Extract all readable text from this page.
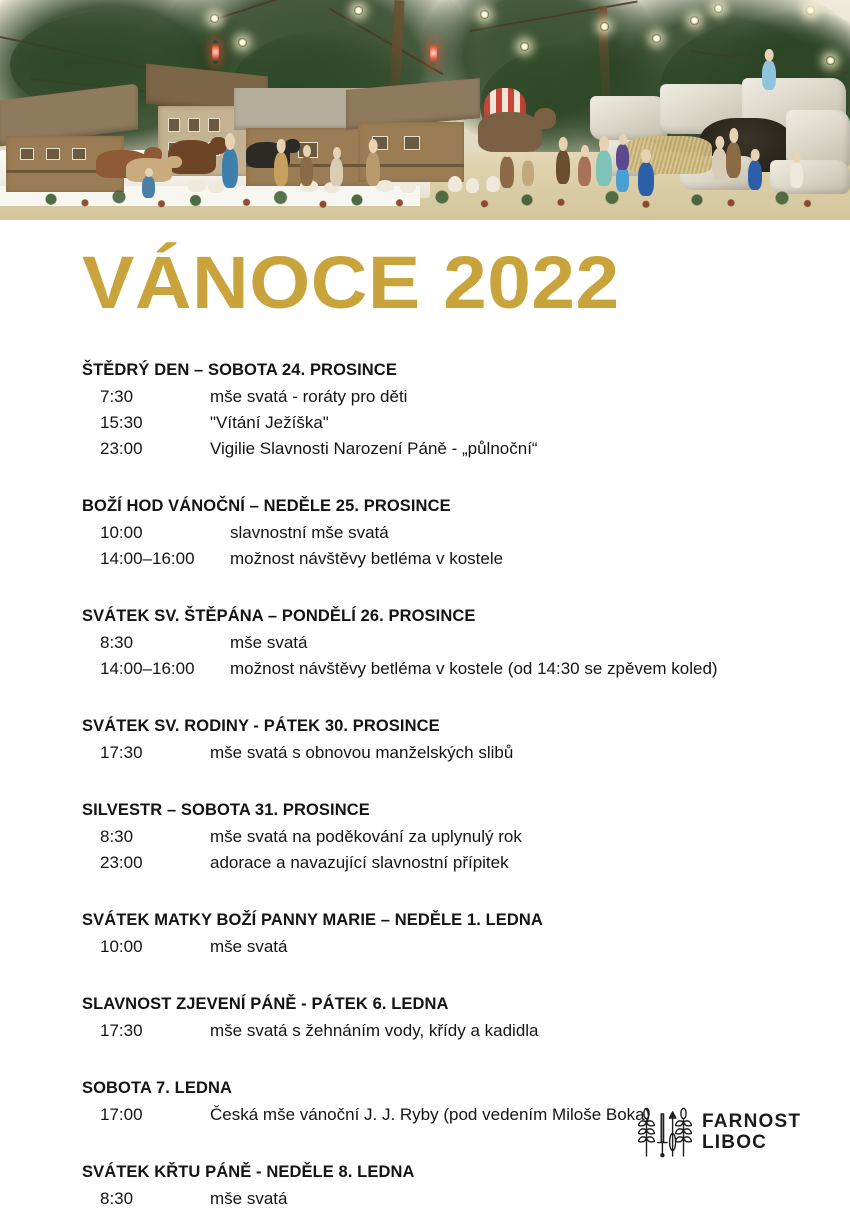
VÁNOCE 2022
ŠTĚDRÝ DEN – SOBOTA 24. PROSINCE
7:30	mše svatá - roráty pro děti
15:30	"Vítání Ježíška"
23:00	Vigilie Slavnosti Narození Páně - „půlnoční“
BOŽÍ HOD VÁNOČNÍ – NEDĚLE 25. PROSINCE
10:00	slavnostní mše svatá
14:00–16:00	možnost návštěvy betléma v kostele
SVÁTEK SV. ŠTĚPÁNA – PONDĚLÍ 26. PROSINCE
8:30	mše svatá
14:00–16:00	možnost návštěvy betléma v kostele (od 14:30 se zpěvem koled)
SVÁTEK SV. RODINY - PÁTEK 30. PROSINCE
17:30	mše svatá s obnovou manželských slibů
SILVESTR – SOBOTA 31. PROSINCE
8:30	mše svatá na poděkování za uplynulý rok
23:00	adorace a navazující slavnostní přípitek
SVÁTEK MATKY BOŽÍ PANNY MARIE – NEDĚLE 1. LEDNA
10:00	mše svatá
SLAVNOST ZJEVENÍ PÁNĚ - PÁTEK 6. LEDNA
17:30	mše svatá s žehnáním vody, křídy a kadidla
SOBOTA 7. LEDNA
17:00	Česká mše vánoční J. J. Ryby (pod vedením Miloše Boka)
SVÁTEK KŘTU PÁNĚ - NEDĚLE 8. LEDNA
8:30	mše svatá
FARNOST
LIBOC
